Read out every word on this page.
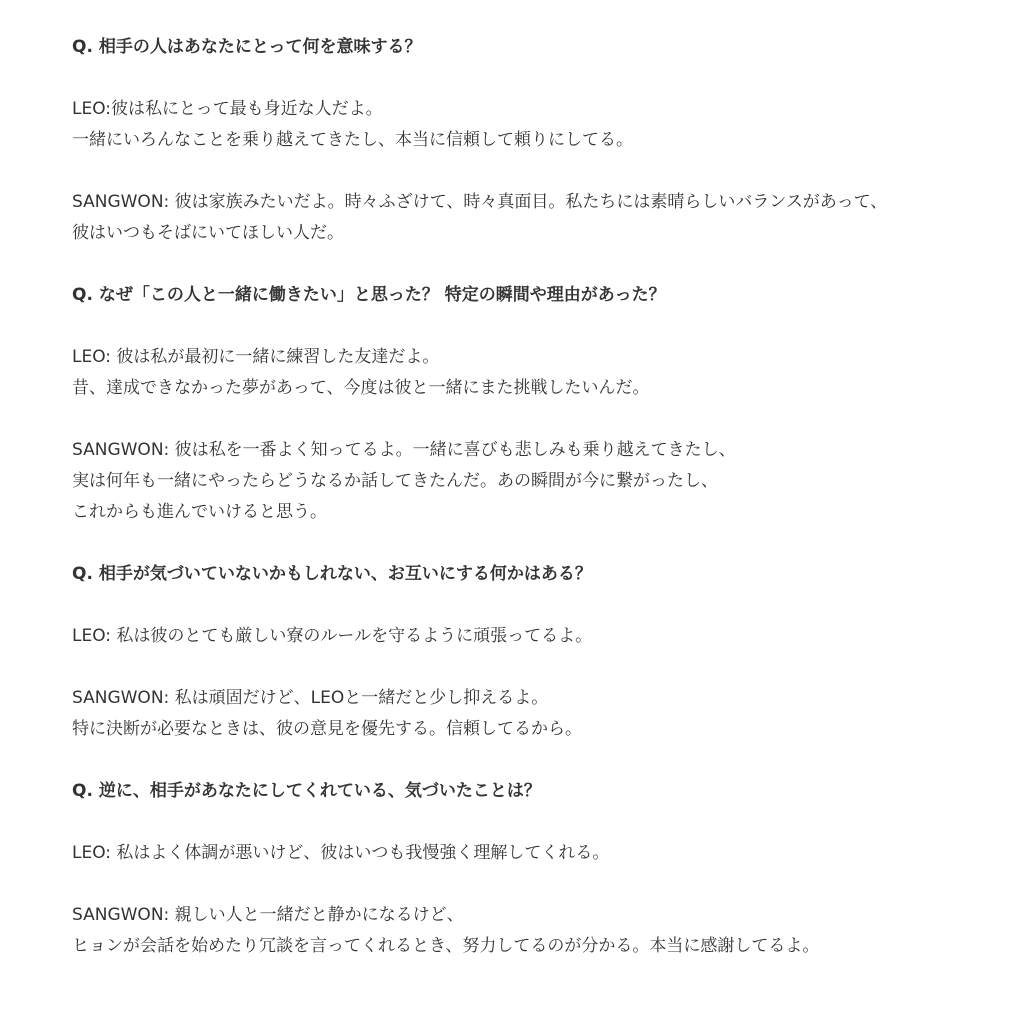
Q. 相手の人はあなたにとって何を意味する？

LEO:彼は私にとって最も身近な人だよ。

一緒にいろんなことを乗り越えてきたし、本当に信頼して頼りにしてる。

SANGWON: 彼は家族みたいだよ。時々ふざけて、時々真面目。私たちには素晴らしいバランスがあって、

彼はいつもそばにいてほしい人だ。

Q. なぜ「この人と一緒に働きたい」と思った？ 特定の瞬間や理由があった？

LEO: 彼は私が最初に一緒に練習した友達だよ。

昔、達成できなかった夢があって、今度は彼と一緒にまた挑戦したいんだ。

SANGWON: 彼は私を一番よく知ってるよ。一緒に喜びも悲しみも乗り越えてきたし、

実は何年も一緒にやったらどうなるか話してきたんだ。あの瞬間が今に繋がったし、

これからも進んでいけると思う。

Q. 相手が気づいていないかもしれない、お互いにする何かはある？

LEO: 私は彼のとても厳しい寮のルールを守るように頑張ってるよ。

SANGWON: 私は頑固だけど、LEOと一緒だと少し抑えるよ。

特に決断が必要なときは、彼の意見を優先する。信頼してるから。

Q. 逆に、相手があなたにしてくれている、気づいたことは？

LEO: 私はよく体調が悪いけど、彼はいつも我慢強く理解してくれる。

SANGWON: 親しい人と一緒だと静かになるけど、

ヒョンが会話を始めたり冗談を言ってくれるとき、努力してるのが分かる。本当に感謝してるよ。
